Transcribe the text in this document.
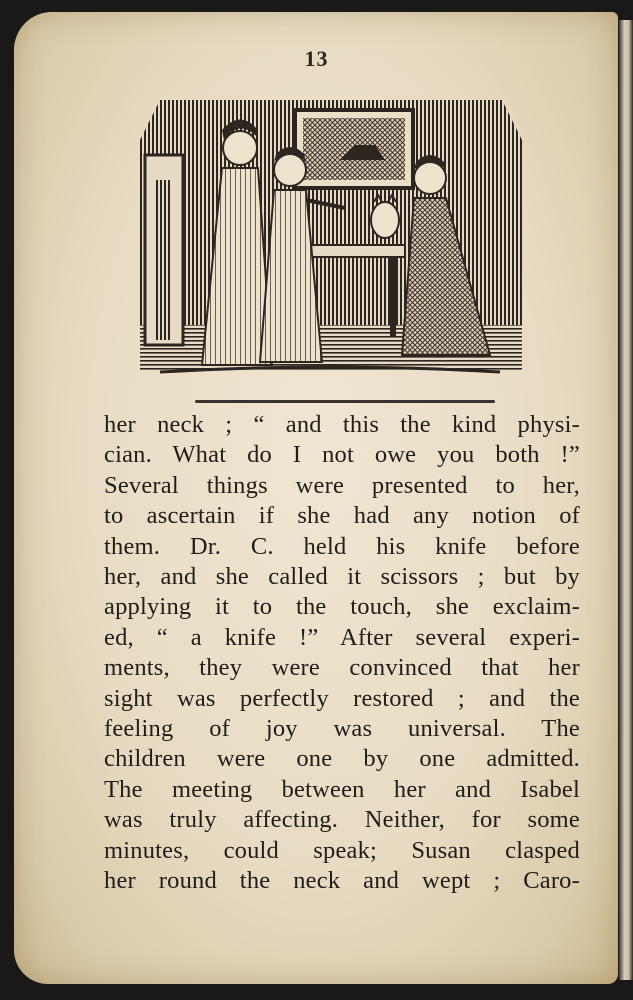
13
her neck ; “ and this the kind physi-
cian. What do I not owe you both !”
Several things were presented to her,
to ascertain if she had any notion of
them. Dr. C. held his knife before
her, and she called it scissors ; but by
applying it to the touch, she exclaim-
ed, “ a knife !” After several experi-
ments, they were convinced that her
sight was perfectly restored ; and the
feeling of joy was universal. The
children were one by one admitted.
The meeting between her and Isabel
was truly affecting. Neither, for some
minutes, could speak; Susan clasped
her round the neck and wept ; Caro-
